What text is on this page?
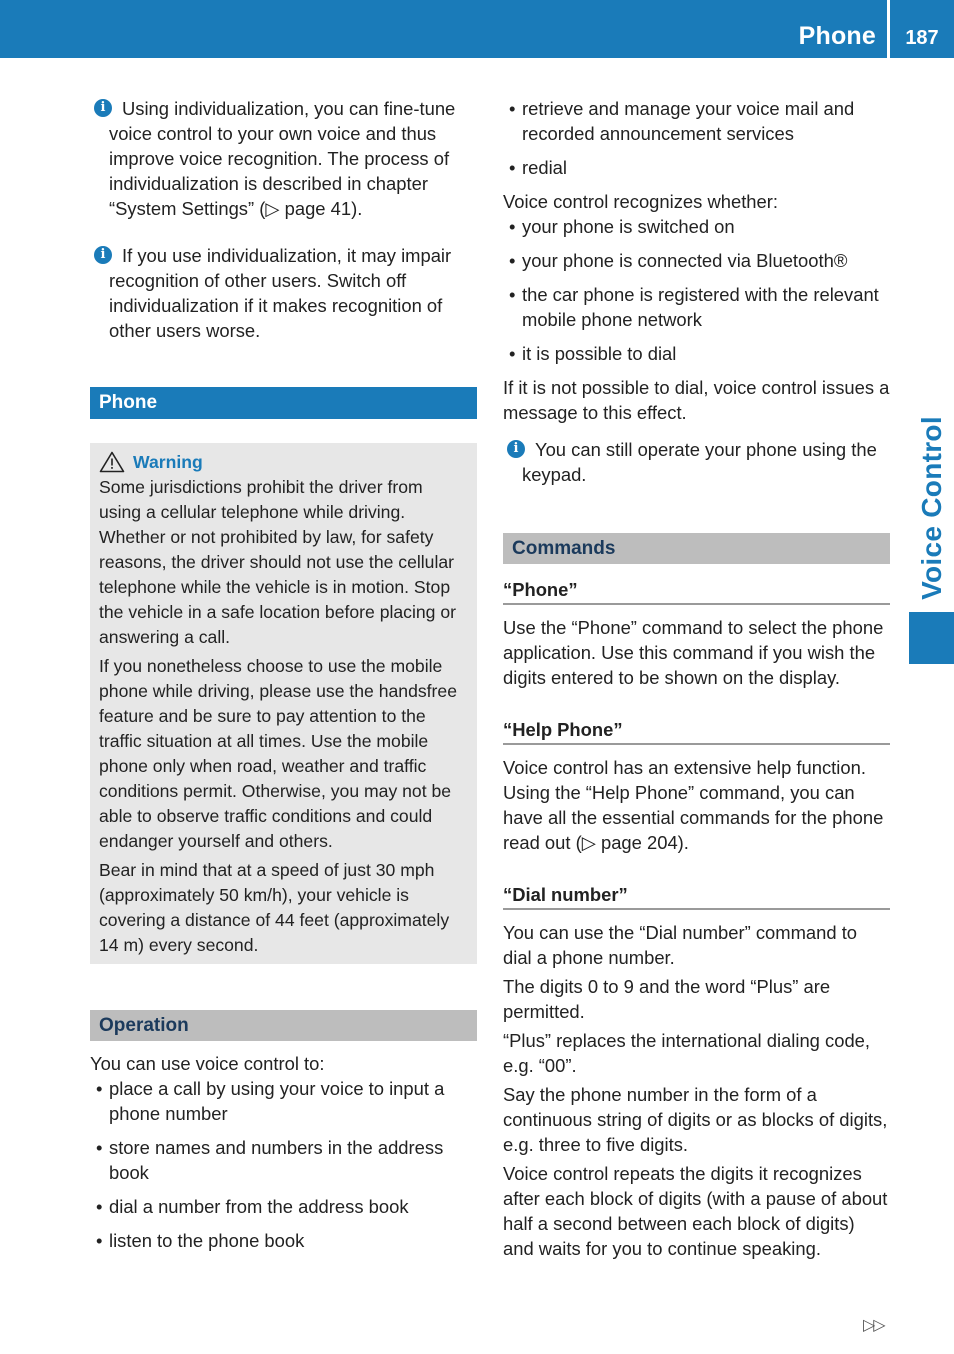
Phone	187
Voice Control
i Using individualization, you can fine-tune voice control to your own voice and thus improve voice recognition. The process of individualization is described in chapter “System Settings” (▷ page 41).

i If you use individualization, it may impair recognition of other users. Switch off individualization if it makes recognition of other users worse.

Phone
Warning

Some jurisdictions prohibit the driver from using a cellular telephone while driving. Whether or not prohibited by law, for safety reasons, the driver should not use the cellular telephone while the vehicle is in motion. Stop the vehicle in a safe location before placing or answering a call.

If you nonetheless choose to use the mobile phone while driving, please use the handsfree feature and be sure to pay attention to the traffic situation at all times. Use the mobile phone only when road, weather and traffic conditions permit. Otherwise, you may not be able to observe traffic conditions and could endanger yourself and others.

Bear in mind that at a speed of just 30 mph (approximately 50 km/h), your vehicle is covering a distance of 44 feet (approximately 14 m) every second.

Operation

You can use voice control to:

• place a call by using your voice to input a phone number
• store names and numbers in the address book
• dial a number from the address book
• listen to the phone book
• retrieve and manage your voice mail and recorded announcement services
• redial

Voice control recognizes whether:

• your phone is switched on
• your phone is connected via Bluetooth®
• the car phone is registered with the relevant mobile phone network
• it is possible to dial

If it is not possible to dial, voice control issues a message to this effect.

i You can still operate your phone using the keypad.

Commands
“Phone”

Use the “Phone” command to select the phone application. Use this command if you wish the digits entered to be shown on the display.

“Help Phone”

Voice control has an extensive help function. Using the “Help Phone” command, you can have all the essential commands for the phone read out (▷ page 204).

“Dial number”

You can use the “Dial number” command to dial a phone number.

The digits 0 to 9 and the word “Plus” are permitted.

“Plus” replaces the international dialing code, e.g. “00”.

Say the phone number in the form of a continuous string of digits or as blocks of digits, e.g. three to five digits.

Voice control repeats the digits it recognizes after each block of digits (with a pause of about half a second between each block of digits) and waits for you to continue speaking.

▷▷
